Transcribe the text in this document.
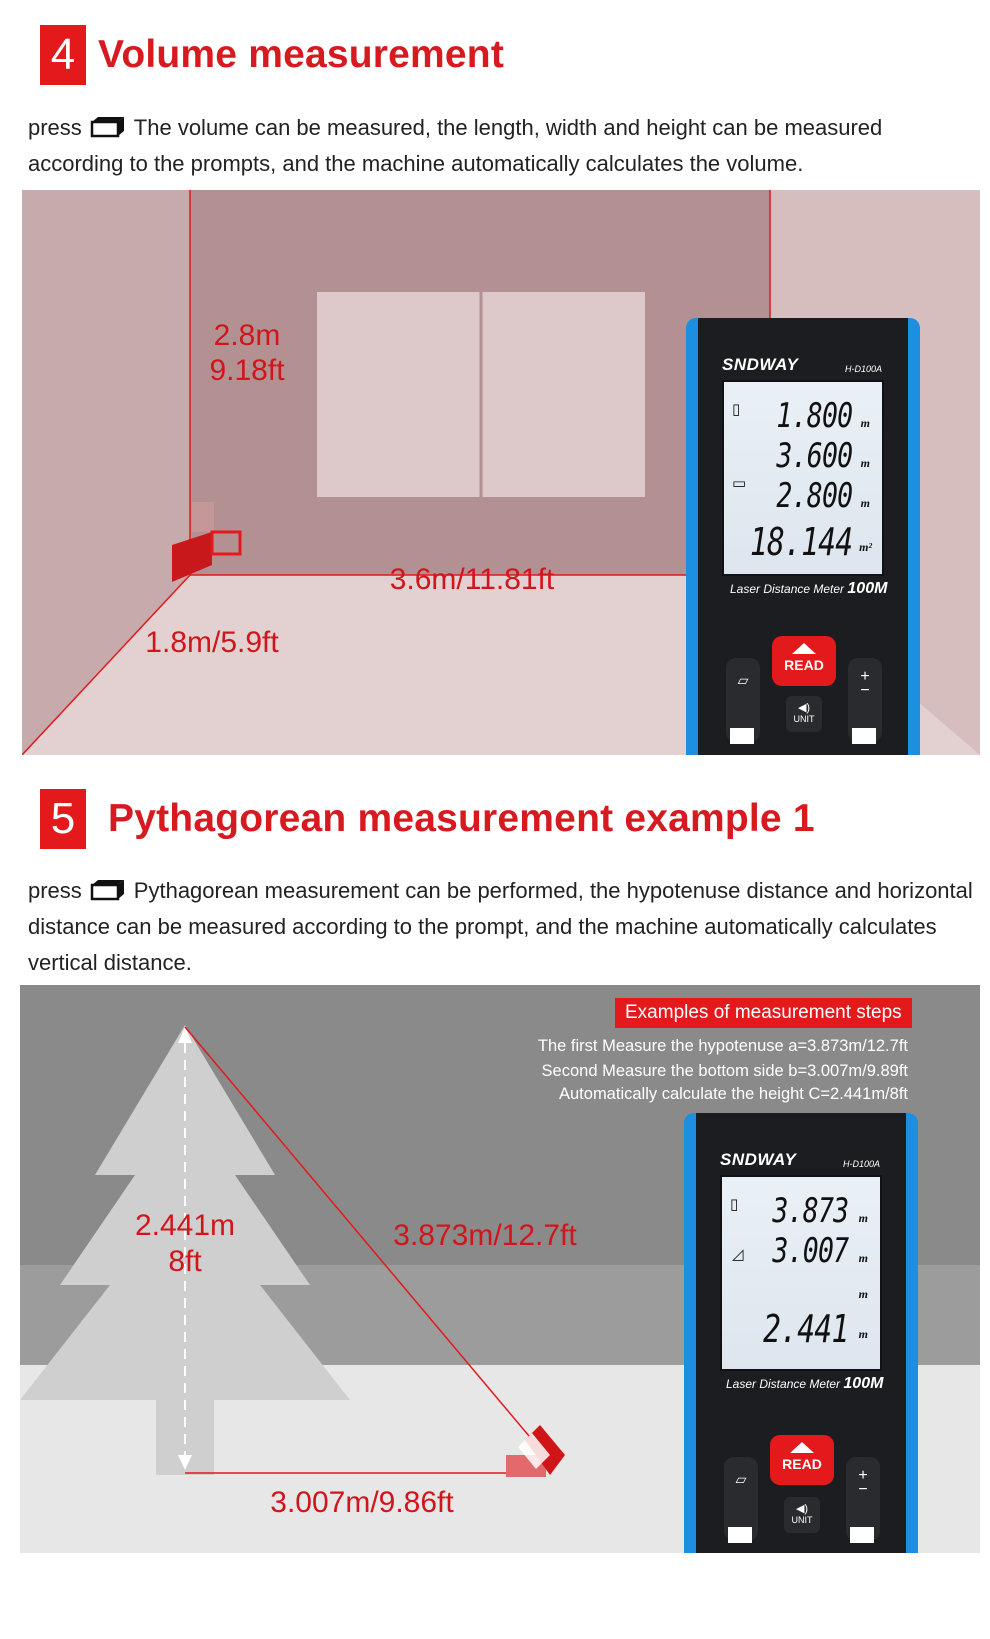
4 Volume measurement
press The volume can be measured, the length, width and height can be measured according to the prompts, and the machine automatically calculates the volume.
2.8m
9.18ft
3.6m/11.81ft
1.8m/5.9ft
SNDWAY	H-D100A
▯
▭
1.800 m
3.600 m
2.800 m
18.144 m²
Laser Distance Meter 100M
READ
◀)
UNIT
▱	+
−
5 Pythagorean measurement example 1
press Pythagorean measurement can be performed, the hypotenuse distance and horizontal distance can be measured according to the prompt, and the machine automatically calculates vertical distance.
2.441m
8ft
3.873m/12.7ft
3.007m/9.86ft
Examples of measurement steps
The first Measure the hypotenuse a=3.873m/12.7ft
Second Measure the bottom side b=3.007m/9.89ft
Automatically calculate the height C=2.441m/8ft
SNDWAY	H-D100A
▯
◿
3.873 m
3.007 m
m
2.441 m
Laser Distance Meter 100M
READ
◀)
UNIT
▱	+
−
